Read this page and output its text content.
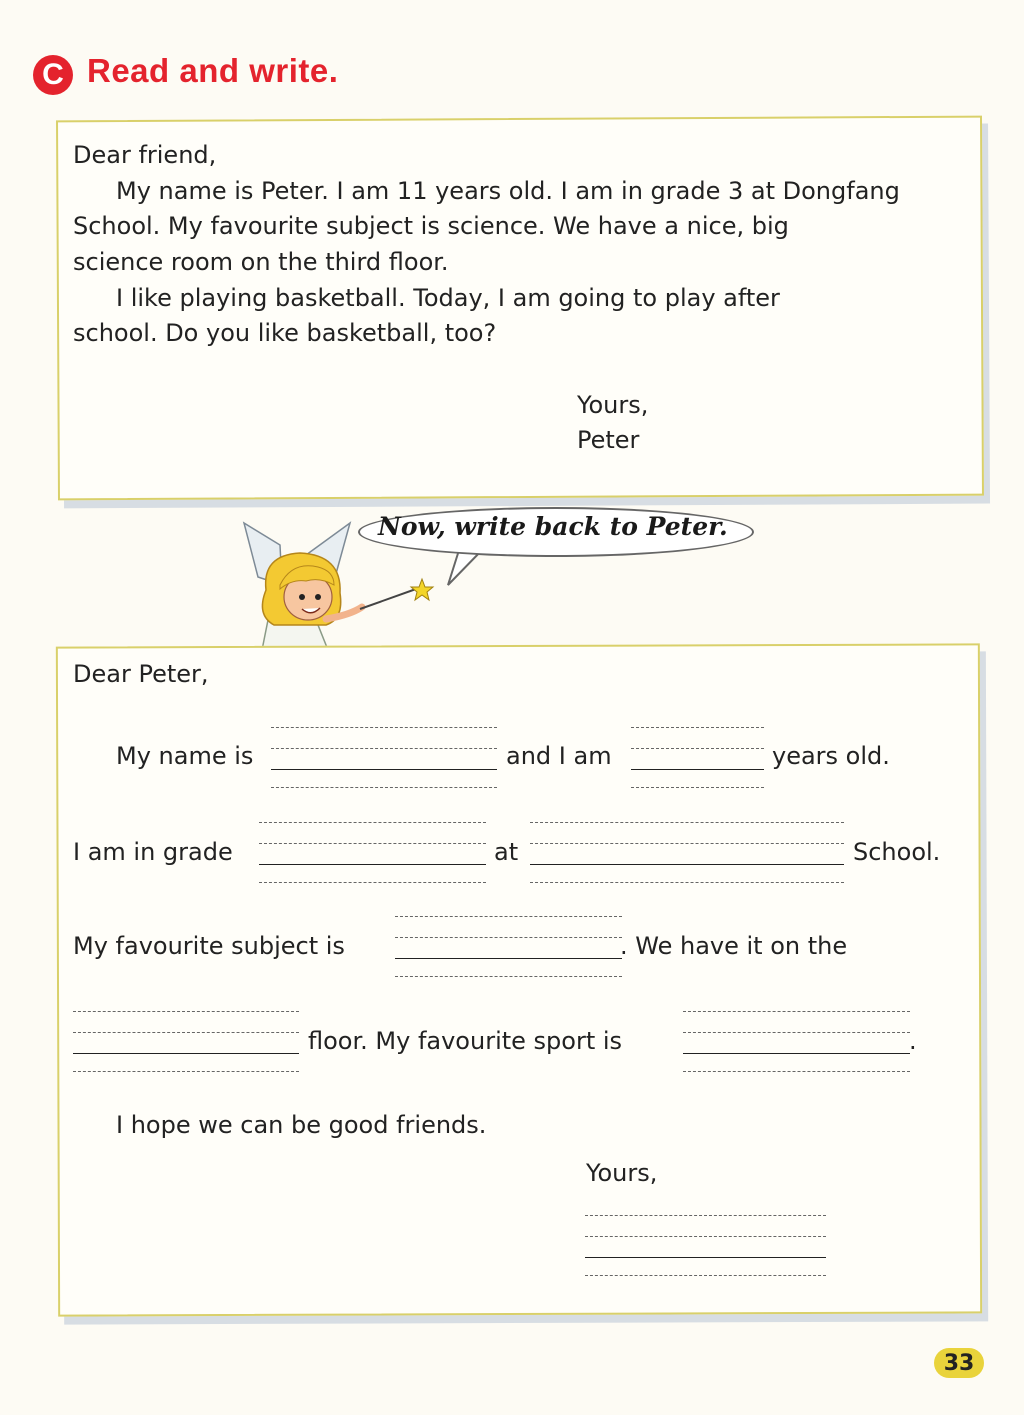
C Read and write.
Dear friend,
My name is Peter. I am 11 years old. I am in grade 3 at Dongfang
School. My favourite subject is science. We have a nice, big
science room on the third floor.
I like playing basketball. Today, I am going to play after
school. Do you like basketball, too?
Yours,
Peter
Now, write back to Peter.
Dear Peter,
My name is	and I am	years old.
I am in grade	at	School.
My favourite subject is	. We have it on the
floor. My favourite sport is	.
I hope we can be good friends.
Yours,
33
